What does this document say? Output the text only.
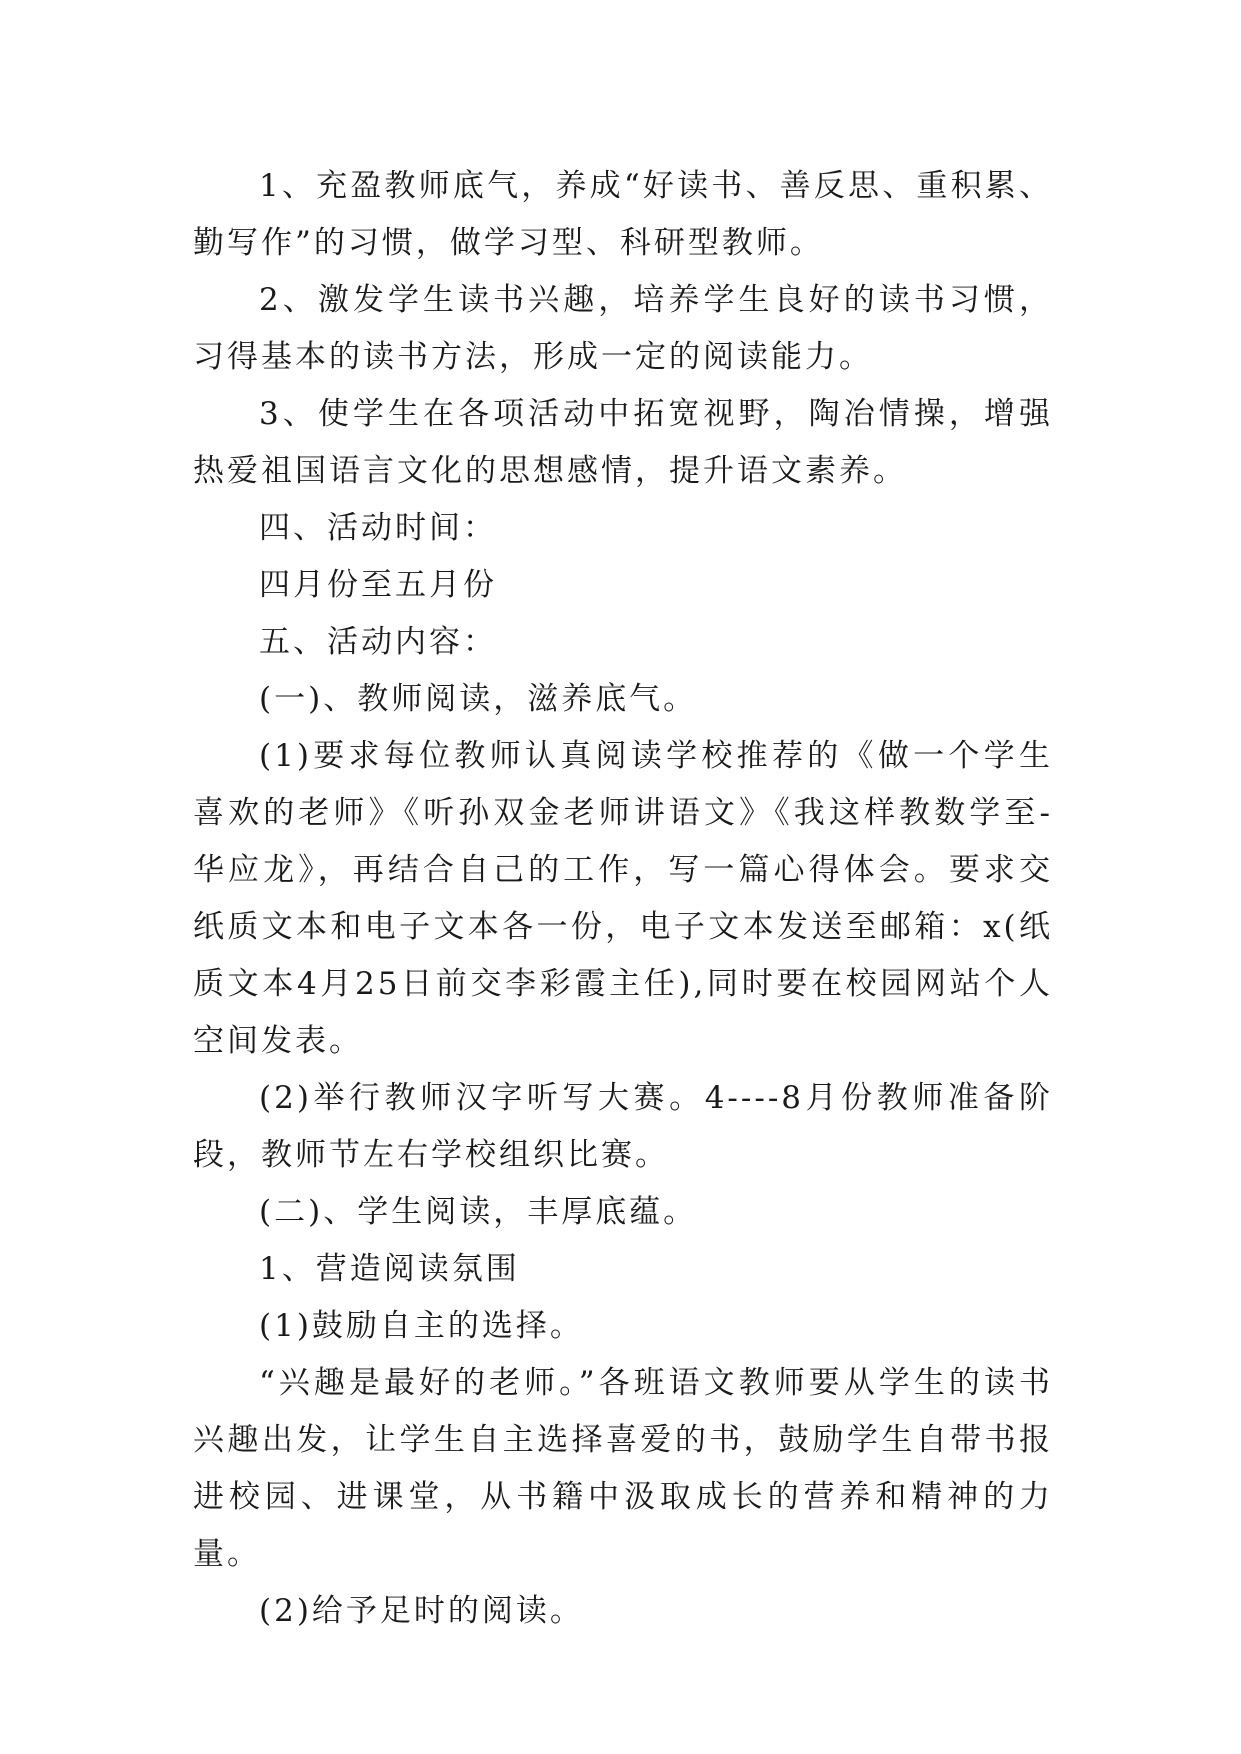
1、充盈教师底气，养成“好读书、善反思、重积累、勤写作”的习惯，做学习型、科研型教师。

2、激发学生读书兴趣，培养学生良好的读书习惯，习得基本的读书方法，形成一定的阅读能力。

3、使学生在各项活动中拓宽视野，陶冶情操，增强热爱祖国语言文化的思想感情，提升语文素养。

四、活动时间：

四月份至五月份

五、活动内容：

(一)、教师阅读，滋养底气。

(1)要求每位教师认真阅读学校推荐的《做一个学生喜欢的老师》《听孙双金老师讲语文》《我这样教数学至-华应龙》，再结合自己的工作，写一篇心得体会。要求交纸质文本和电子文本各一份，电子文本发送至邮箱：x(纸质文本4月25日前交李彩霞主任),同时要在校园网站个人空间发表。

(2)举行教师汉字听写大赛。4----8月份教师准备阶段，教师节左右学校组织比赛。

(二)、学生阅读，丰厚底蕴。

1、营造阅读氛围

(1)鼓励自主的选择。

“兴趣是最好的老师。”各班语文教师要从学生的读书兴趣出发，让学生自主选择喜爱的书，鼓励学生自带书报进校园、进课堂，从书籍中汲取成长的营养和精神的力量。

(2)给予足时的阅读。
